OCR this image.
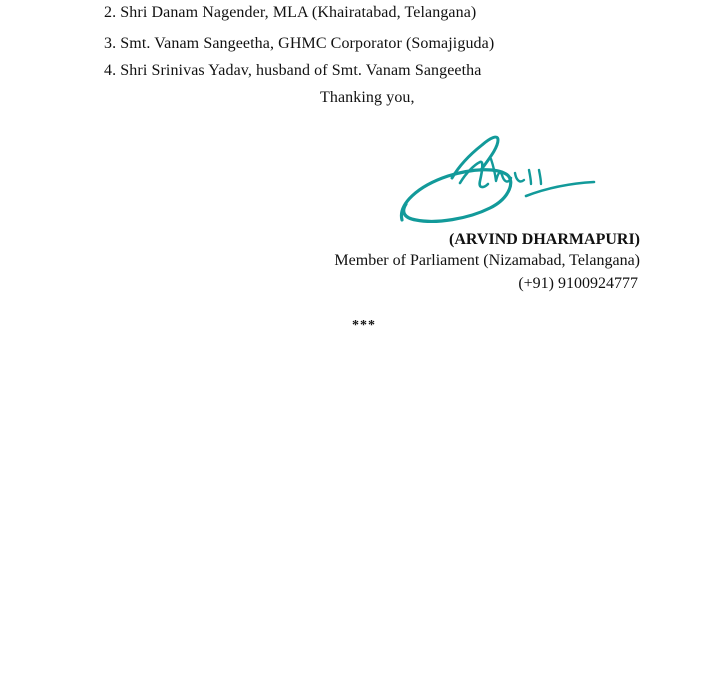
2. Shri Danam Nagender, MLA (Khairatabad, Telangana)
3. Smt. Vanam Sangeetha, GHMC Corporator (Somajiguda)
4. Shri Srinivas Yadav, husband of Smt. Vanam Sangeetha
Thanking you,
(ARVIND DHARMAPURI)
Member of Parliament (Nizamabad, Telangana)
(+91) 9100924777
***
